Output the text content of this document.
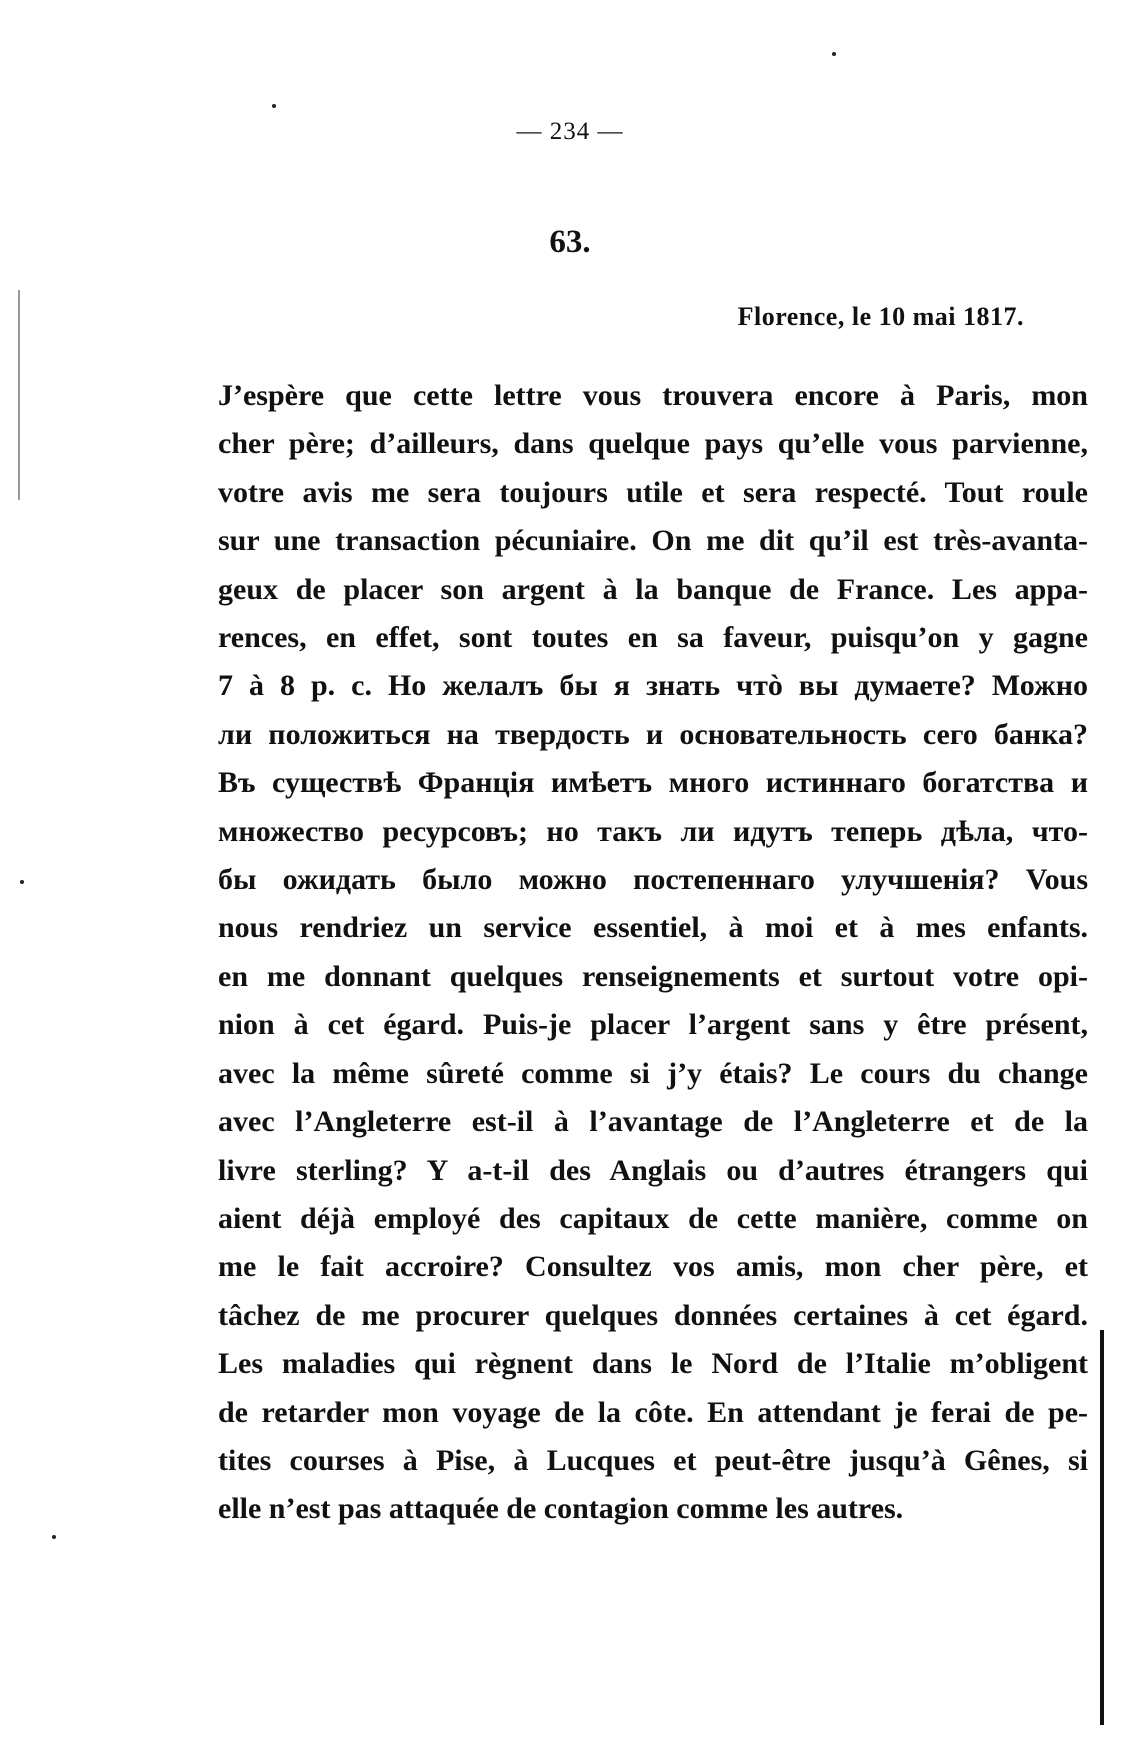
— 234 —
63.
Florence, le 10 mai 1817.
J’espère que cette lettre vous trouvera encore à Paris, mon
cher père; d’ailleurs, dans quelque pays qu’elle vous parvienne,
votre avis me sera toujours utile et sera respecté. Tout roule
sur une transaction pécuniaire. On me dit qu’il est très-avanta-
geux de placer son argent à la banque de France. Les appa-
rences, en effet, sont toutes en sa faveur, puisqu’on y gagne
7 à 8 p. c. Но желалъ бы я знать чтò вы думаете? Можно
ли положиться на твердость и основательность сего банка?
Въ существѣ Францiя имѣетъ много истиннаго богатства и
множество ресурсовъ; но такъ ли идутъ теперь дѣла, что-
бы ожидать было можно постепеннаго улучшенiя? Vous
nous rendriez un service essentiel, à moi et à mes enfants.
en me donnant quelques renseignements et surtout votre opi-
nion à cet égard. Puis-je placer l’argent sans y être présent,
avec la même sûreté comme si j’y étais? Le cours du change
avec l’Angleterre est-il à l’avantage de l’Angleterre et de la
livre sterling? Y a-t-il des Anglais ou d’autres étrangers qui
aient déjà employé des capitaux de cette manière, comme on
me le fait accroire? Consultez vos amis, mon cher père, et
tâchez de me procurer quelques données certaines à cet égard.
Les maladies qui règnent dans le Nord de l’Italie m’obligent
de retarder mon voyage de la côte. En attendant je ferai de pe-
tites courses à Pise, à Lucques et peut-être jusqu’à Gênes, si
elle n’est pas attaquée de contagion comme les autres.
